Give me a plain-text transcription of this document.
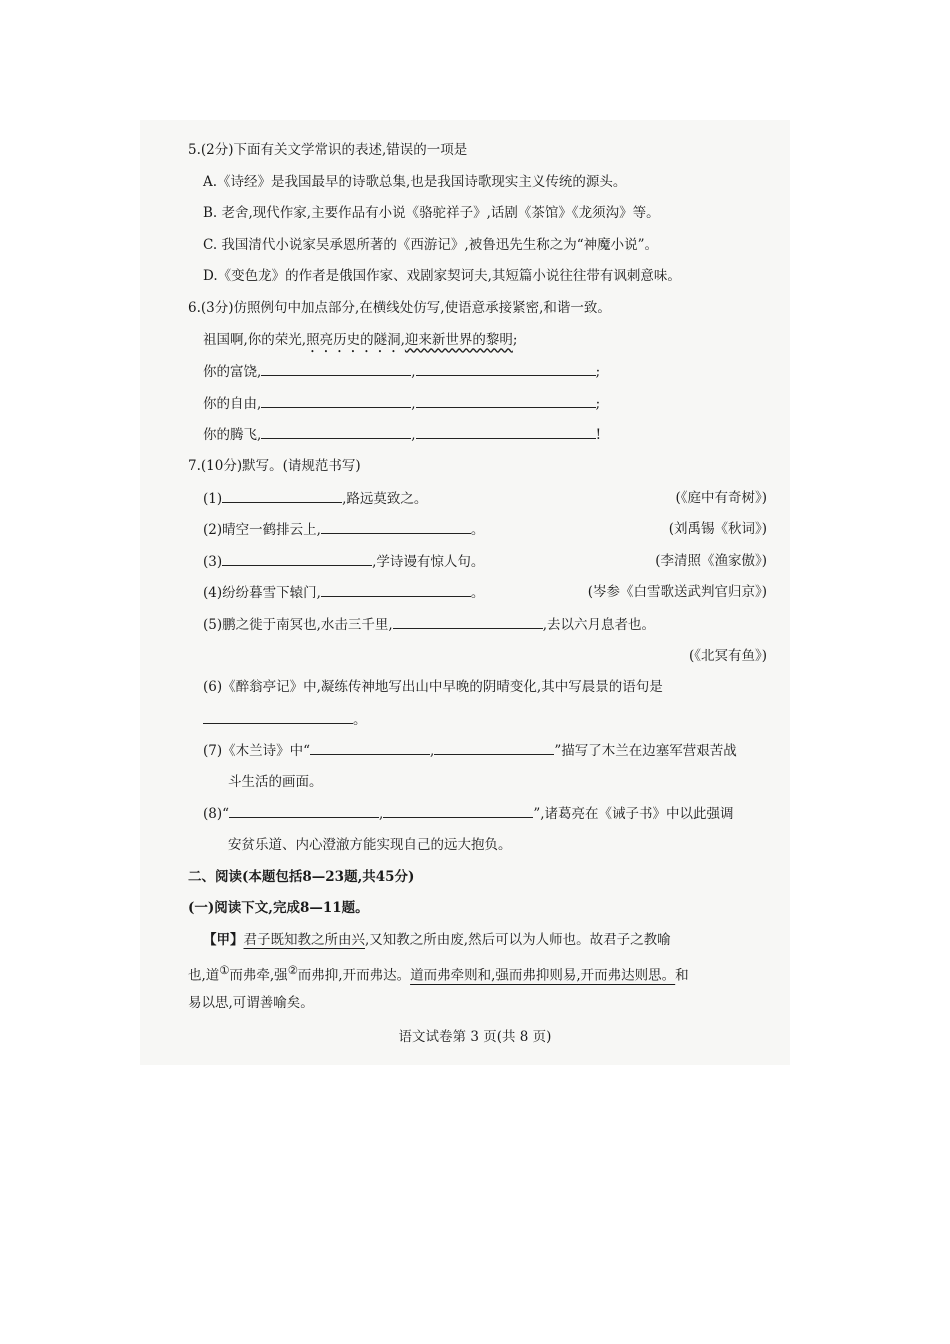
5.(2分)下面有关文学常识的表述,错误的一项是
A.《诗经》是我国最早的诗歌总集,也是我国诗歌现实主义传统的源头。
B. 老舍,现代作家,主要作品有小说《骆驼祥子》,话剧《茶馆》《龙须沟》等。
C. 我国清代小说家吴承恩所著的《西游记》,被鲁迅先生称之为“神魔小说”。
D.《变色龙》的作者是俄国作家、戏剧家契诃夫,其短篇小说往往带有讽刺意味。
6.(3分)仿照例句中加点部分,在横线处仿写,使语意承接紧密,和谐一致。
祖国啊,你的荣光,照亮历史的隧洞,迎来新世界的黎明;
你的富饶,	,	;
你的自由,	,	;
你的腾飞,	,	!
7.(10分)默写。(请规范书写)
(1)	,路远莫致之。	(《庭中有奇树》)
(2)晴空一鹤排云上,	。	(刘禹锡《秋词》)
(3)	,学诗谩有惊人句。	(李清照《渔家傲》)
(4)纷纷暮雪下辕门,	。	(岑参《白雪歌送武判官归京》)
(5)鹏之徙于南冥也,水击三千里,	,去以六月息者也。
(《北冥有鱼》)
(6)《醉翁亭记》中,凝练传神地写出山中早晚的阴晴变化,其中写晨景的语句是
。
(7)《木兰诗》中“	,	”描写了木兰在边塞军营艰苦战
斗生活的画面。
(8)“	,	”,诸葛亮在《诫子书》中以此强调
安贫乐道、内心澄澈方能实现自己的远大抱负。
二、阅读(本题包括8—23题,共45分)
(一)阅读下文,完成8—11题。
【甲】君子既知教之所由兴,又知教之所由废,然后可以为人师也。故君子之教喻
也,道①而弗牵,强②而弗抑,开而弗达。道而弗牵则和,强而弗抑则易,开而弗达则思。和
易以思,可谓善喻矣。
语文试卷第 3 页(共 8 页)
